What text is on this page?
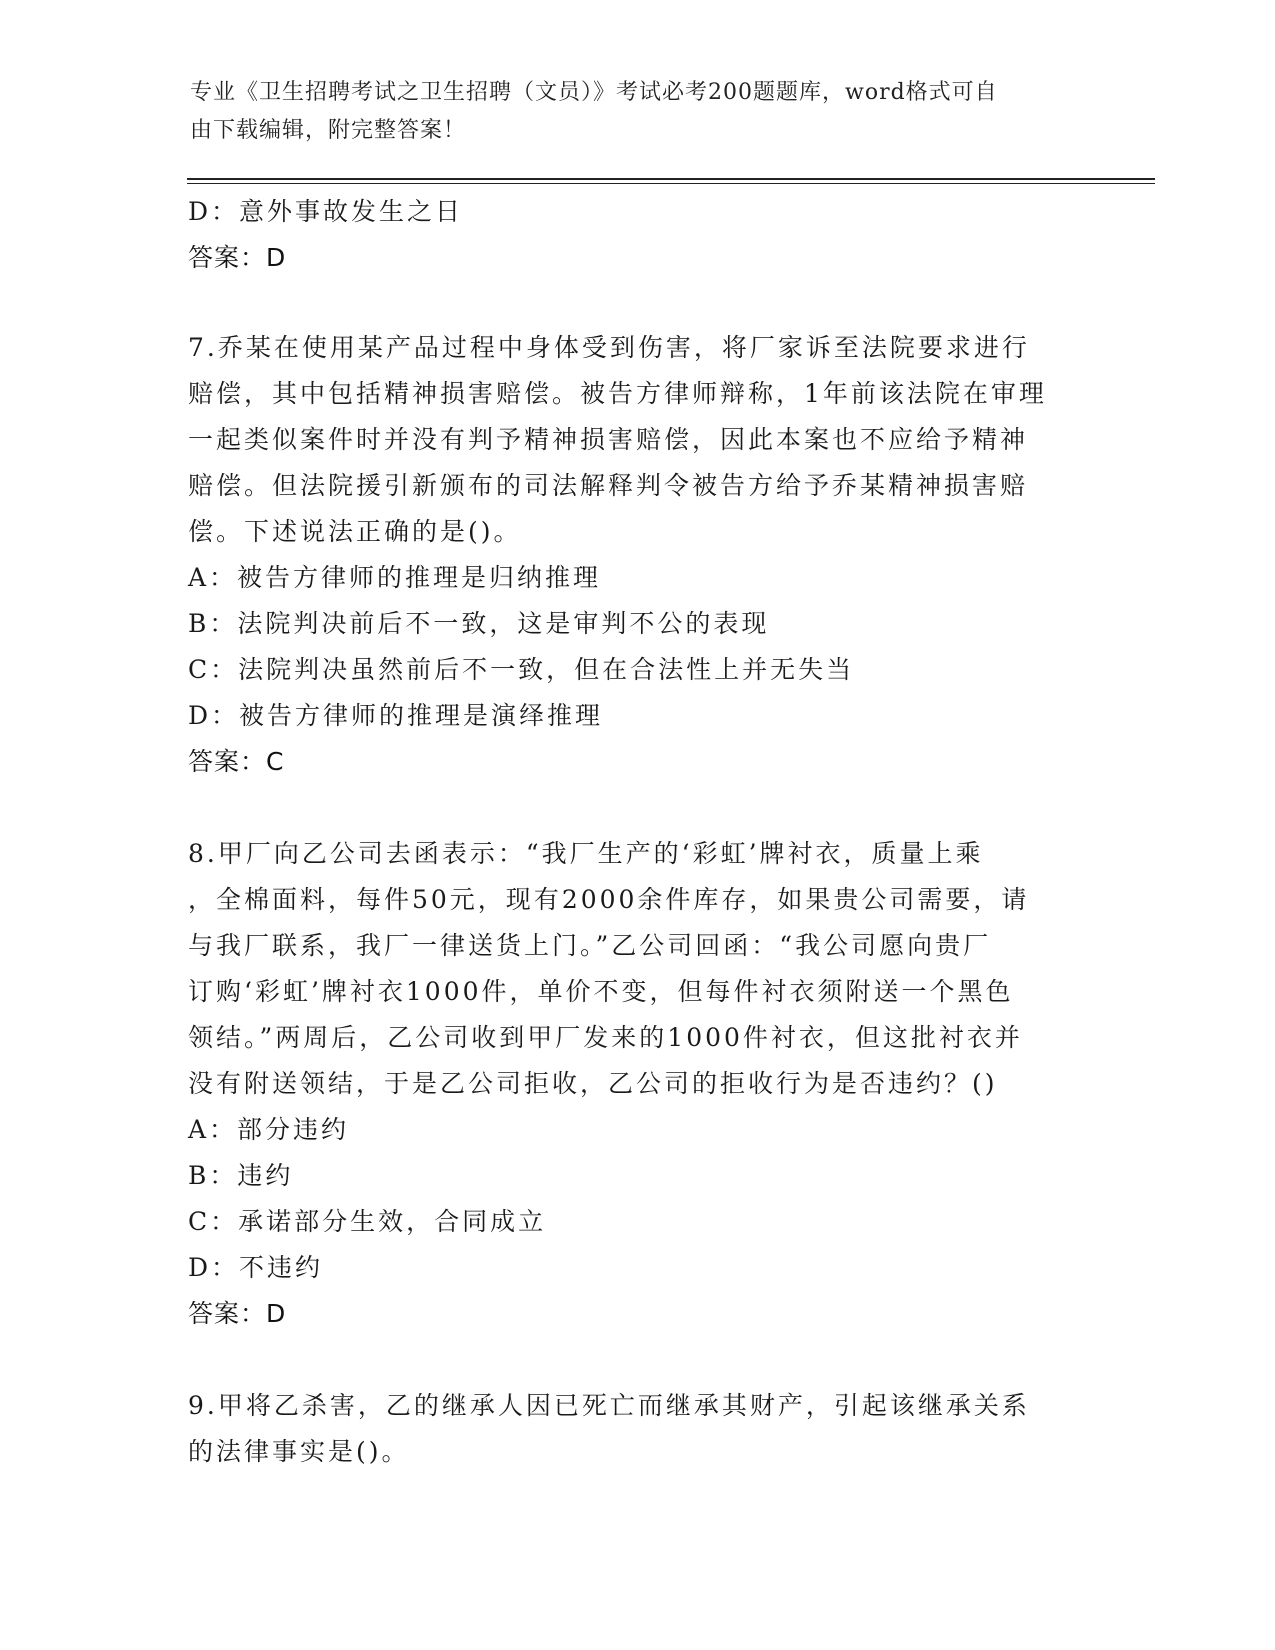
专业《卫生招聘考试之卫生招聘（文员）》考试必考200题题库，word格式可自
由下载编辑，附完整答案！
D：意外事故发生之日
答案：D
7.乔某在使用某产品过程中身体受到伤害，将厂家诉至法院要求进行
赔偿，其中包括精神损害赔偿。被告方律师辩称，1年前该法院在审理
一起类似案件时并没有判予精神损害赔偿，因此本案也不应给予精神
赔偿。但法院援引新颁布的司法解释判令被告方给予乔某精神损害赔
偿。下述说法正确的是()。
A：被告方律师的推理是归纳推理
B：法院判决前后不一致，这是审判不公的表现
C：法院判决虽然前后不一致，但在合法性上并无失当
D：被告方律师的推理是演绎推理
答案：C
8.甲厂向乙公司去函表示：“我厂生产的‘彩虹’牌衬衣，质量上乘
，全棉面料，每件50元，现有2000余件库存，如果贵公司需要，请
与我厂联系，我厂一律送货上门。”乙公司回函：“我公司愿向贵厂
订购‘彩虹’牌衬衣1000件，单价不变，但每件衬衣须附送一个黑色
领结。”两周后，乙公司收到甲厂发来的1000件衬衣，但这批衬衣并
没有附送领结，于是乙公司拒收，乙公司的拒收行为是否违约？()
A：部分违约
B：违约
C：承诺部分生效，合同成立
D：不违约
答案：D
9.甲将乙杀害，乙的继承人因已死亡而继承其财产，引起该继承关系
的法律事实是()。
